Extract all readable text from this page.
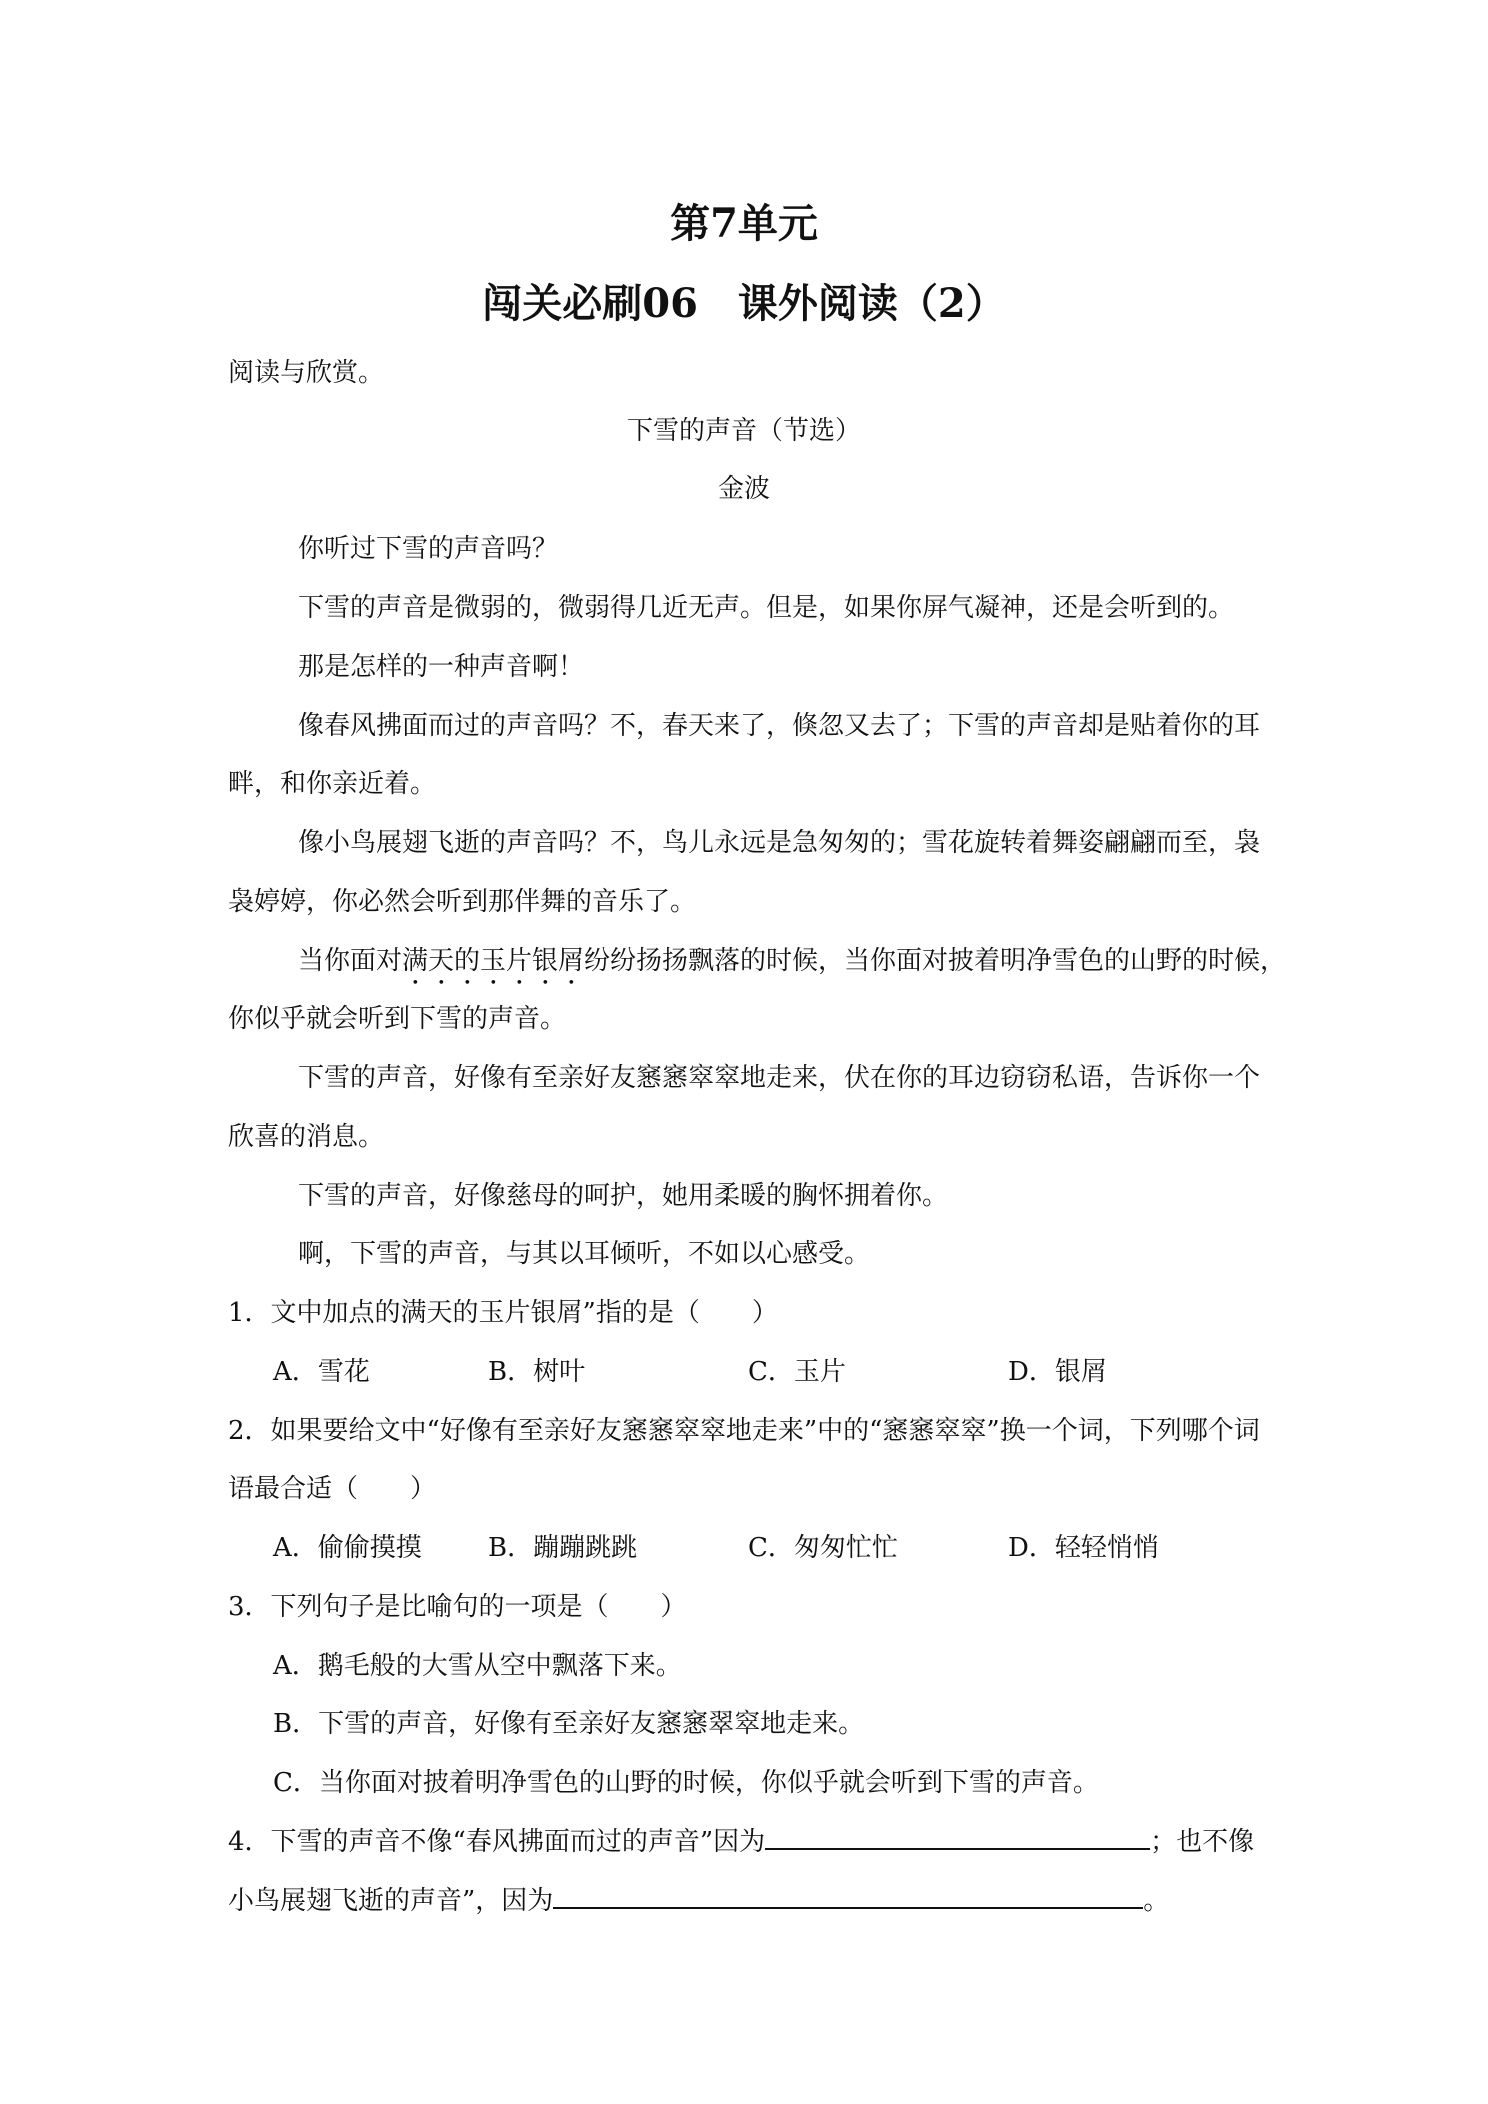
第7单元
闯关必刷06　课外阅读（2）
阅读与欣赏。
下雪的声音（节选）
金波
你听过下雪的声音吗？
下雪的声音是微弱的，微弱得几近无声。但是，如果你屏气凝神，还是会听到的。
那是怎样的一种声音啊！
像春风拂面而过的声音吗？不，春天来了，倏忽又去了；下雪的声音却是贴着你的耳
畔，和你亲近着。
像小鸟展翅飞逝的声音吗？不，鸟儿永远是急匆匆的；雪花旋转着舞姿翩翩而至，袅
袅婷婷，你必然会听到那伴舞的音乐了。
当你面对满天的玉片银屑纷纷扬扬飘落的时候，当你面对披着明净雪色的山野的时候，
你似乎就会听到下雪的声音。
下雪的声音，好像有至亲好友窸窸窣窣地走来，伏在你的耳边窃窃私语，告诉你一个
欣喜的消息。
下雪的声音，好像慈母的呵护，她用柔暖的胸怀拥着你。
啊，下雪的声音，与其以耳倾听，不如以心感受。
1．文中加点的满天的玉片银屑”指的是（　　）
A．雪花	B．树叶	C．玉片	D．银屑
2．如果要给文中“好像有至亲好友窸窸窣窣地走来”中的“窸窸窣窣”换一个词，下列哪个词
语最合适（　　）
A．偷偷摸摸	B．蹦蹦跳跳	C．匆匆忙忙	D．轻轻悄悄
3．下列句子是比喻句的一项是（　　）
A．鹅毛般的大雪从空中飘落下来。
B．下雪的声音，好像有至亲好友窸窸翠窣地走来。
C．当你面对披着明净雪色的山野的时候，你似乎就会听到下雪的声音。
4．下雪的声音不像“春风拂面而过的声音”因为	；也不像
小鸟展翅飞逝的声音”，因为	。
